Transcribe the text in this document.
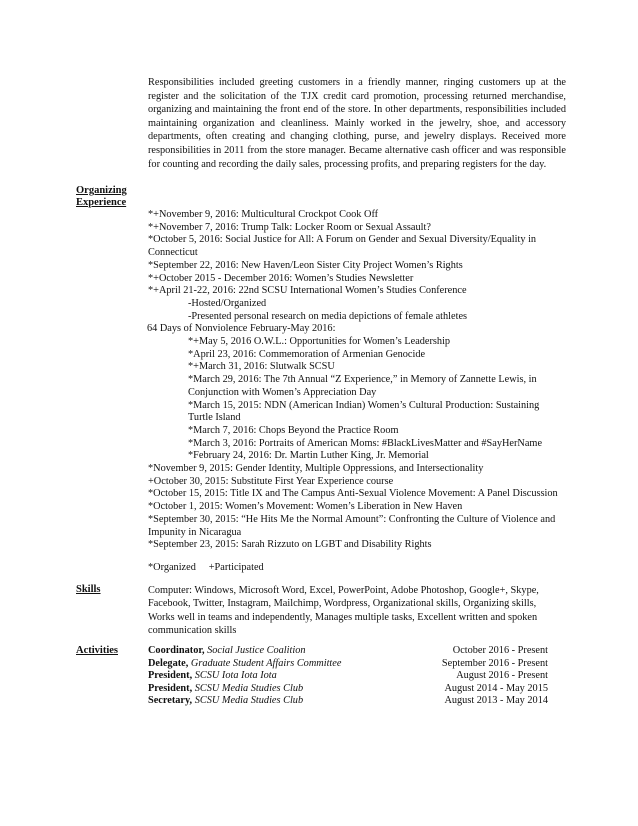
Responsibilities included greeting customers in a friendly manner, ringing customers up at the register and the solicitation of the TJX credit card promotion, processing returned merchandise, organizing and maintaining the front end of the store. In other departments, responsibilities included maintaining organization and cleanliness. Mainly worked in the jewelry, shoe, and accessory departments, often creating and changing clothing, purse, and jewelry displays. Received more responsibilities in 2011 from the store manager. Became alternative cash officer and was responsible for counting and recording the daily sales, processing profits, and preparing registers for the day.

Organizing
Experience
*+November 9, 2016: Multicultural Crockpot Cook Off
*+November 7, 2016: Trump Talk: Locker Room or Sexual Assault?
*October 5, 2016: Social Justice for All: A Forum on Gender and Sexual Diversity/Equality in Connecticut
*September 22, 2016: New Haven/Leon Sister City Project Women’s Rights
*+October 2015 - December 2016: Women’s Studies Newsletter
*+April 21-22, 2016: 22nd SCSU International Women’s Studies Conference
-Hosted/Organized
-Presented personal research on media depictions of female athletes
64 Days of Nonviolence February-May 2016:
*+May 5, 2016 O.W.L.: Opportunities for Women’s Leadership
*April 23, 2016: Commemoration of Armenian Genocide
*+March 31, 2016: Slutwalk SCSU
*March 29, 2016: The 7th Annual “Z Experience,” in Memory of Zannette Lewis, in Conjunction with Women’s Appreciation Day
*March 15, 2015: NDN (American Indian) Women’s Cultural Production: Sustaining Turtle Island
*March 7, 2016: Chops Beyond the Practice Room
*March 3, 2016: Portraits of American Moms: #BlackLivesMatter and #SayHerName
*February 24, 2016: Dr. Martin Luther King, Jr. Memorial
*November 9, 2015: Gender Identity, Multiple Oppressions, and Intersectionality
+October 30, 2015: Substitute First Year Experience course
*October 15, 2015: Title IX and The Campus Anti-Sexual Violence Movement: A Panel Discussion
*October 1, 2015: Women’s Movement: Women’s Liberation in New Haven
*September 30, 2015: “He Hits Me the Normal Amount”: Confronting the Culture of Violence and Impunity in Nicaragua
*September 23, 2015: Sarah Rizzuto on LGBT and Disability Rights
*Organized     +Participated
Skills	Computer: Windows, Microsoft Word, Excel, PowerPoint, Adobe Photoshop, Google+, Skype, Facebook, Twitter, Instagram, Mailchimp, Wordpress, Organizational skills, Organizing skills, Works well in teams and independently, Manages multiple tasks, Excellent written and spoken communication skills

Activities	Coordinator, Social Justice Coalition	October 2016 - Present
Delegate, Graduate Student Affairs Committee	September 2016 - Present
President, SCSU Iota Iota Iota	August 2016 - Present
President, SCSU Media Studies Club	August 2014 - May 2015
Secretary, SCSU Media Studies Club	August 2013 - May 2014
